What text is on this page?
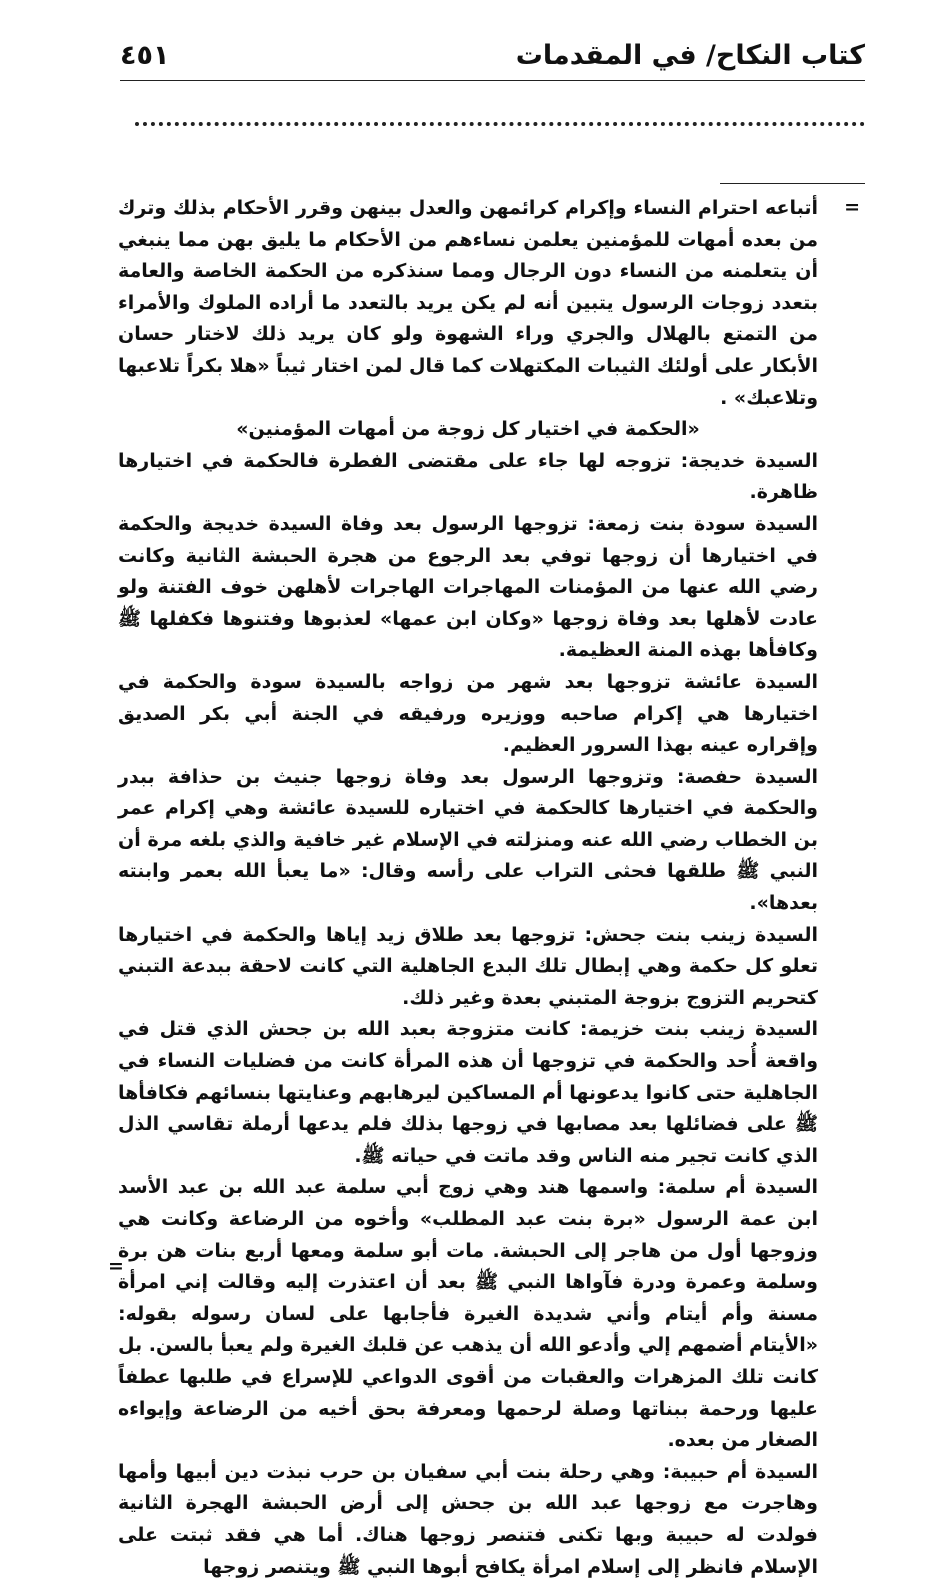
كتاب النكاح/ في المقدمات
٤٥١
=

أتباعه احترام النساء وإكرام كرائمهن والعدل بينهن وقرر الأحكام بذلك وترك من بعده أمهات للمؤمنين يعلمن نساءهم من الأحكام ما يليق بهن مما ينبغي أن يتعلمنه من النساء دون الرجال ومما سنذكره من الحكمة الخاصة والعامة بتعدد زوجات الرسول يتبين أنه لم يكن يريد بالتعدد ما أراده الملوك والأمراء من التمتع بالهلال والجري وراء الشهوة ولو كان يريد ذلك لاختار حسان الأبكار على أولئك الثيبات المكتهلات كما قال لمن اختار ثيباً «هلا بكراً تلاعبها وتلاعبك» .

«الحكمة في اختيار كل زوجة من أمهات المؤمنين»

السيدة خديجة: تزوجه لها جاء على مقتضى الفطرة فالحكمة في اختيارها ظاهرة.

السيدة سودة بنت زمعة: تزوجها الرسول بعد وفاة السيدة خديجة والحكمة في اختيارها أن زوجها توفي بعد الرجوع من هجرة الحبشة الثانية وكانت رضي الله عنها من المؤمنات المهاجرات الهاجرات لأهلهن خوف الفتنة ولو عادت لأهلها بعد وفاة زوجها «وكان ابن عمها» لعذبوها وفتنوها فكفلها ﷺ وكافأها بهذه المنة العظيمة.

السيدة عائشة تزوجها بعد شهر من زواجه بالسيدة سودة والحكمة في اختيارها هي إكرام صاحبه ووزيره ورفيقه في الجنة أبي بكر الصديق وإقراره عينه بهذا السرور العظيم.

السيدة حفصة: وتزوجها الرسول بعد وفاة زوجها جنيث بن حذافة ببدر والحكمة في اختيارها كالحكمة في اختياره للسيدة عائشة وهي إكرام عمر بن الخطاب رضي الله عنه ومنزلته في الإسلام غير خافية والذي بلغه مرة أن النبي ﷺ طلقها فحثى التراب على رأسه وقال: «ما يعبأ الله بعمر وابنته بعدها».

السيدة زينب بنت جحش: تزوجها بعد طلاق زيد إياها والحكمة في اختيارها تعلو كل حكمة وهي إبطال تلك البدع الجاهلية التي كانت لاحقة ببدعة التبني كتحريم التزوج بزوجة المتبني بعدة وغير ذلك.

السيدة زينب بنت خزيمة: كانت متزوجة بعبد الله بن جحش الذي قتل في واقعة أُحد والحكمة في تزوجها أن هذه المرأة كانت من فضليات النساء في الجاهلية حتى كانوا يدعونها أم المساكين ليرهابهم وعنايتها بنسائهم فكافأها ﷺ على فضائلها بعد مصابها في زوجها بذلك فلم يدعها أرملة تقاسي الذل الذي كانت تجير منه الناس وقد ماتت في حياته ﷺ.

السيدة أم سلمة: واسمها هند وهي زوج أبي سلمة عبد الله بن عبد الأسد ابن عمة الرسول «برة بنت عبد المطلب» وأخوه من الرضاعة وكانت هي وزوجها أول من هاجر إلى الحبشة. مات أبو سلمة ومعها أربع بنات هن برة وسلمة وعمرة ودرة فآواها النبي ﷺ بعد أن اعتذرت إليه وقالت إني امرأة مسنة وأم أيتام وأني شديدة الغيرة فأجابها على لسان رسوله بقوله: «الأيتام أضمهم إلي وأدعو الله أن يذهب عن قلبك الغيرة ولم يعبأ بالسن. بل كانت تلك المزهرات والعقبات من أقوى الدواعي للإسراع في طلبها عطفاً عليها ورحمة ببناتها وصلة لرحمها ومعرفة بحق أخيه من الرضاعة وإيواءه الصغار من بعده.

السيدة أم حبيبة: وهي رحلة بنت أبي سفيان بن حرب نبذت دين أبيها وأمها وهاجرت مع زوجها عبد الله بن جحش إلى أرض الحبشة الهجرة الثانية فولدت له حبيبة وبها تكنى فتنصر زوجها هناك. أما هي فقد ثبتت على الإسلام فانظر إلى إسلام امرأة يكافح أبوها النبي ﷺ ويتنصر زوجها

=
